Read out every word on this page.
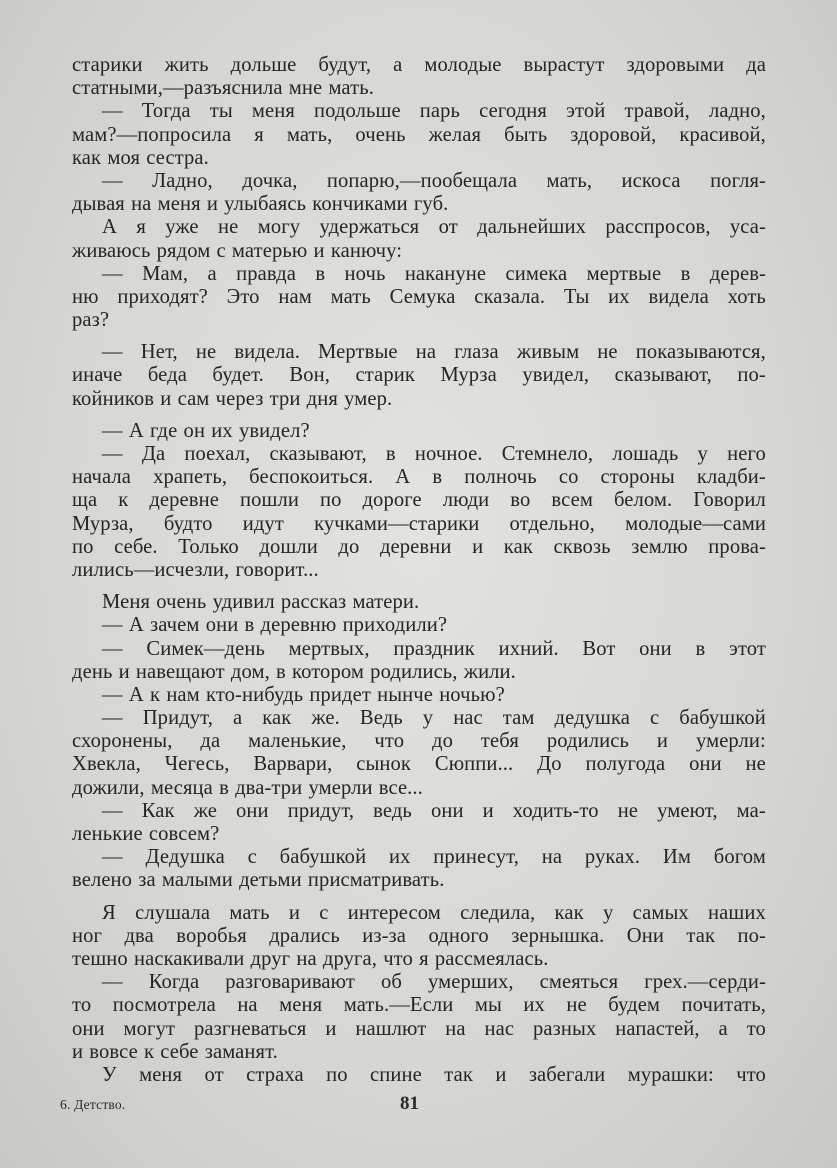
старики жить дольше будут, а молодые вырастут здоровыми да
статными,—разъяснила мне мать.
— Тогда ты меня подольше парь сегодня этой травой, ладно,
мам?—попросила я мать, очень желая быть здоровой, красивой,
как моя сестра.
— Ладно, дочка, попарю,—пообещала мать, искоса погля-
дывая на меня и улыбаясь кончиками губ.
А я уже не могу удержаться от дальнейших расспросов, уса-
живаюсь рядом с матерью и канючу:
— Мам, а правда в ночь накануне симека мертвые в дерев-
ню приходят? Это нам мать Семука сказала. Ты их видела хоть
раз?
— Нет, не видела. Мертвые на глаза живым не показываются,
иначе беда будет. Вон, старик Мурза увидел, сказывают, по-
койников и сам через три дня умер.
— А где он их увидел?
— Да поехал, сказывают, в ночное. Стемнело, лошадь у него
начала храпеть, беспокоиться. А в полночь со стороны кладби-
ща к деревне пошли по дороге люди во всем белом. Говорил
Мурза, будто идут кучками—старики отдельно, молодые—сами
по себе. Только дошли до деревни и как сквозь землю прова-
лились—исчезли, говорит...
Меня очень удивил рассказ матери.
— А зачем они в деревню приходили?
— Симек—день мертвых, праздник ихний. Вот они в этот
день и навещают дом, в котором родились, жили.
— А к нам кто-нибудь придет нынче ночью?
— Придут, а как же. Ведь у нас там дедушка с бабушкой
схоронены, да маленькие, что до тебя родились и умерли:
Хвекла, Чегесь, Варвари, сынок Сюппи... До полугода они не
дожили, месяца в два-три умерли все...
— Как же они придут, ведь они и ходить-то не умеют, ма-
ленькие совсем?
— Дедушка с бабушкой их принесут, на руках. Им богом
велено за малыми детьми присматривать.
Я слушала мать и с интересом следила, как у самых наших
ног два воробья дрались из-за одного зернышка. Они так по-
тешно наскакивали друг на друга, что я рассмеялась.
— Когда разговаривают об умерших, смеяться грех.—серди-
то посмотрела на меня мать.—Если мы их не будем почитать,
они могут разгневаться и нашлют на нас разных напастей, а то
и вовсе к себе заманят.
У меня от страха по спине так и забегали мурашки: что
6. Детство.	81
